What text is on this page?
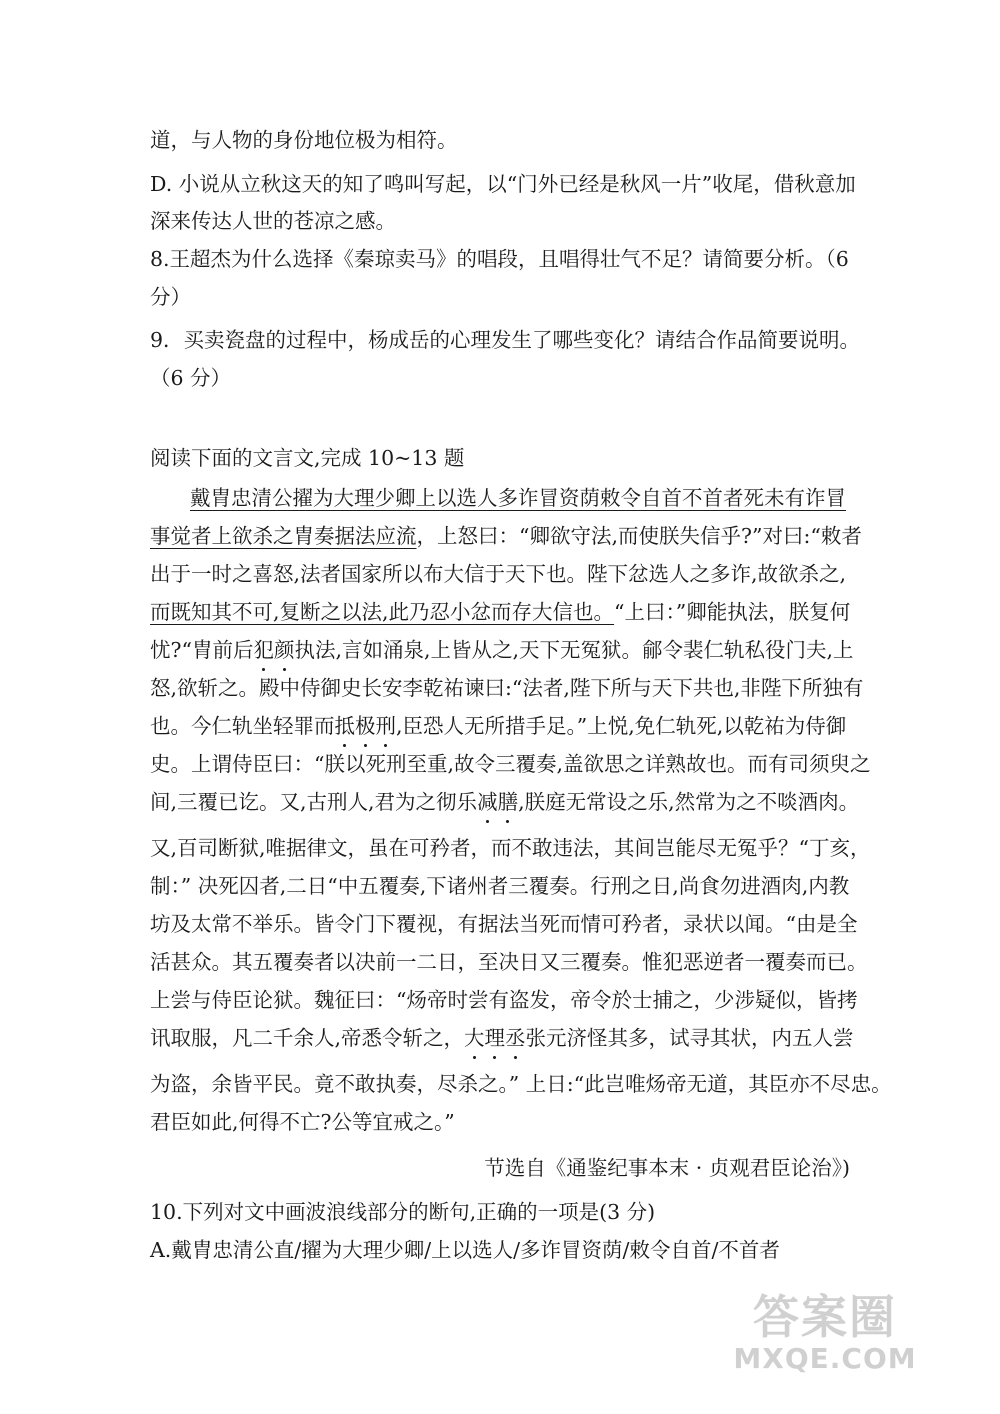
道，与人物的身份地位极为相符。
D. 小说从立秋这天的知了鸣叫写起，以“门外已经是秋风一片”收尾，借秋意加
深来传达人世的苍凉之感。
8.王超杰为什么选择《秦琼卖马》的唱段，且唱得壮气不足？请简要分析。（6
分）
9．买卖瓷盘的过程中，杨成岳的心理发生了哪些变化？请结合作品简要说明。
（6 分）
阅读下面的文言文,完成 10~13 题
戴胄忠清公擢为大理少卿上以选人多诈冒资荫敕令自首不首者死未有诈冒
事觉者上欲杀之胄奏据法应流，上怒曰：“卿欲守法,而使朕失信乎?”对曰:“敕者
出于一时之喜怒,法者国家所以布大信于天下也。陛下忿选人之多诈,故欲杀之,
而既知其不可,复断之以法,此乃忍小忿而存大信也。“上曰：”卿能执法，朕复何
忧?“胄前后犯颜执法,言如涌泉,上皆从之,天下无冤狱。鄃令裴仁轨私役门夫,上
怒,欲斩之。殿中侍御史长安李乾祐谏曰:“法者,陛下所与天下共也,非陛下所独有
也。今仁轨坐轻罪而抵极刑,臣恐人无所措手足。”上悦,免仁轨死,以乾祐为侍御
史。上谓侍臣曰：“朕以死刑至重,故令三覆奏,盖欲思之详熟故也。而有司须臾之
间,三覆已讫。又,古刑人,君为之彻乐减膳,朕庭无常设之乐,然常为之不啖酒肉。
又,百司断狱,唯据律文，虽在可矜者，而不敢违法，其间岂能尽无冤乎？“丁亥，
制：” 决死囚者,二日“中五覆奏,下诸州者三覆奏。行刑之日,尚食勿进酒肉,内教
坊及太常不举乐。皆令门下覆视，有据法当死而情可矜者，录状以闻。“由是全
活甚众。其五覆奏者以决前一二日，至决日又三覆奏。惟犯恶逆者一覆奏而已。
上尝与侍臣论狱。魏征曰：“炀帝时尝有盗发，帝令於士捕之，少涉疑似，皆拷
讯取服，凡二千余人,帝悉令斩之，大理丞张元济怪其多，试寻其状，内五人尝
为盗，余皆平民。竟不敢执奏，尽杀之。” 上日:“此岂唯炀帝无道，其臣亦不尽忠。
君臣如此,何得不亡?公等宜戒之。”
节选自《通鉴纪事本末 · 贞观君臣论治》)
10.下列对文中画波浪线部分的断句,正确的一项是(3 分)
A.戴胄忠清公直/擢为大理少卿/上以选人/多诈冒资荫/敕令自首/不首者
答案圈
MXQE.COM
